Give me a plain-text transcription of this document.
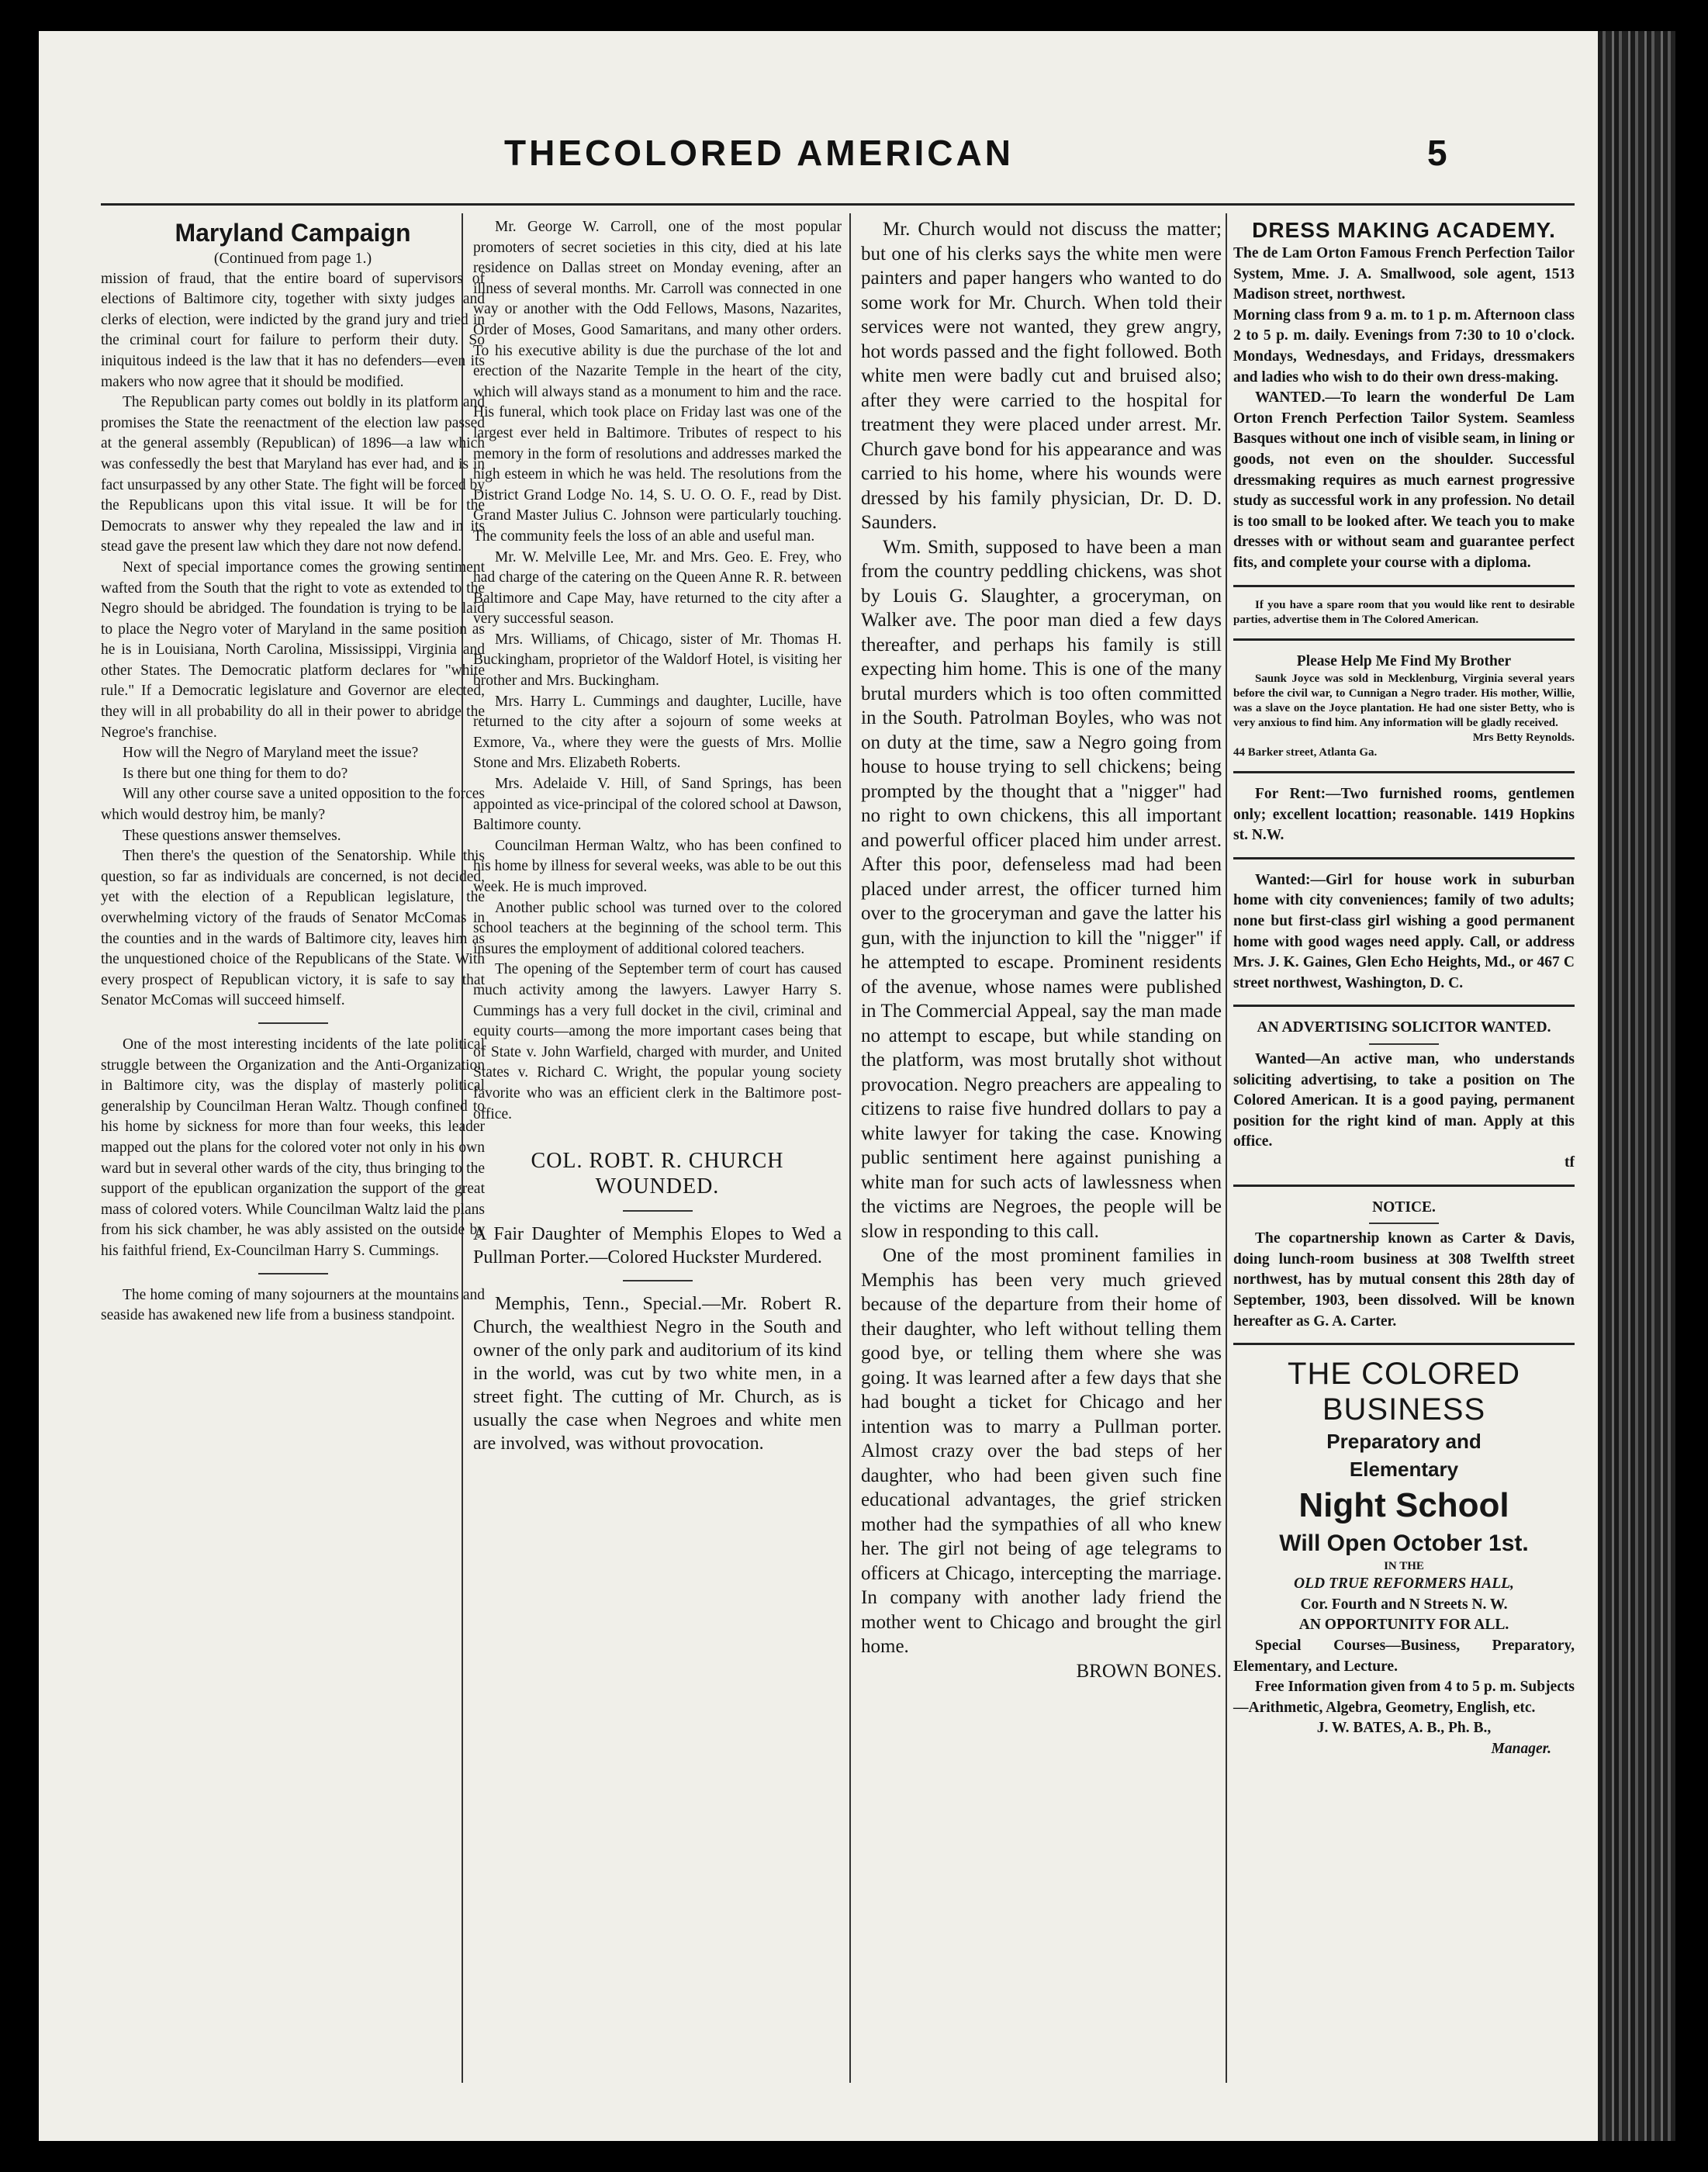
THECOLORED AMERICAN	5

Maryland Campaign

(Continued from page 1.)

mission of fraud, that the entire board of supervisors of elections of Baltimore city, together with sixty judges and clerks of election, were indicted by the grand jury and tried in the criminal court for failure to perform their duty. So iniquitous indeed is the law that it has no defenders—even its makers who now agree that it should be modified.

The Republican party comes out boldly in its platform and promises the State the reenactment of the election law passed at the general assembly (Republican) of 1896—a law which was confessedly the best that Maryland has ever had, and is in fact unsurpassed by any other State. The fight will be forced by the Republicans upon this vital issue. It will be for the Democrats to answer why they repealed the law and in its stead gave the present law which they dare not now defend.

Next of special importance comes the growing sentiment wafted from the South that the right to vote as extended to the Negro should be abridged. The foundation is trying to be laid to place the Negro voter of Maryland in the same position as he is in Louisiana, North Carolina, Mississippi, Virginia and other States. The Democratic platform declares for "white rule." If a Democratic legislature and Governor are elected, they will in all probability do all in their power to abridge the Negroe's franchise.

How will the Negro of Maryland meet the issue?

Is there but one thing for them to do?

Will any other course save a united opposition to the forces which would destroy him, be manly?

These questions answer themselves.

Then there's the question of the Senatorship. While this question, so far as individuals are concerned, is not decided, yet with the election of a Republican legislature, the overwhelming victory of the frauds of Senator McComas in the counties and in the wards of Baltimore city, leaves him as the unquestioned choice of the Republicans of the State. With every prospect of Republican victory, it is safe to say that Senator McComas will succeed himself.

One of the most interesting incidents of the late political struggle between the Organization and the Anti-Organization in Baltimore city, was the display of masterly political generalship by Councilman Heran Waltz. Though confined to his home by sickness for more than four weeks, this leader mapped out the plans for the colored voter not only in his own ward but in several other wards of the city, thus bringing to the support of the epublican organization the support of the great mass of colored voters. While Councilman Waltz laid the plans from his sick chamber, he was ably assisted on the outside by his faithful friend, Ex-Councilman Harry S. Cummings.

The home coming of many sojourners at the mountains and seaside has awakened new life from a business standpoint.

Mr. George W. Carroll, one of the most popular promoters of secret societies in this city, died at his late residence on Dallas street on Monday evening, after an illness of several months. Mr. Carroll was connected in one way or another with the Odd Fellows, Masons, Nazarites, Order of Moses, Good Samaritans, and many other orders. To his executive ability is due the purchase of the lot and erection of the Nazarite Temple in the heart of the city, which will always stand as a monument to him and the race. His funeral, which took place on Friday last was one of the largest ever held in Baltimore. Tributes of respect to his memory in the form of resolutions and addresses marked the high esteem in which he was held. The resolutions from the District Grand Lodge No. 14, S. U. O. O. F., read by Dist. Grand Master Julius C. Johnson were particularly touching. The community feels the loss of an able and useful man.

Mr. W. Melville Lee, Mr. and Mrs. Geo. E. Frey, who had charge of the catering on the Queen Anne R. R. between Baltimore and Cape May, have returned to the city after a very successful season.

Mrs. Williams, of Chicago, sister of Mr. Thomas H. Buckingham, proprietor of the Waldorf Hotel, is visiting her brother and Mrs. Buckingham.

Mrs. Harry L. Cummings and daughter, Lucille, have returned to the city after a sojourn of some weeks at Exmore, Va., where they were the guests of Mrs. Mollie Stone and Mrs. Elizabeth Roberts.

Mrs. Adelaide V. Hill, of Sand Springs, has been appointed as vice-principal of the colored school at Dawson, Baltimore county.

Councilman Herman Waltz, who has been confined to his home by illness for several weeks, was able to be out this week. He is much improved.

Another public school was turned over to the colored school teachers at the beginning of the school term. This insures the employment of additional colored teachers.

The opening of the September term of court has caused much activity among the lawyers. Lawyer Harry S. Cummings has a very full docket in the civil, criminal and equity courts—among the more important cases being that of State v. John Warfield, charged with murder, and United States v. Richard C. Wright, the popular young society favorite who was an efficient clerk in the Baltimore post-office.

COL. ROBT. R. CHURCH WOUNDED.

A Fair Daughter of Memphis Elopes to Wed a Pullman Porter.—Colored Huckster Murdered.

Memphis, Tenn., Special.—Mr. Robert R. Church, the wealthiest Negro in the South and owner of the only park and auditorium of its kind in the world, was cut by two white men, in a street fight. The cutting of Mr. Church, as is usually the case when Negroes and white men are involved, was without provocation.

Mr. Church would not discuss the matter; but one of his clerks says the white men were painters and paper hangers who wanted to do some work for Mr. Church. When told their services were not wanted, they grew angry, hot words passed and the fight followed. Both white men were badly cut and bruised also; after they were carried to the hospital for treatment they were placed under arrest. Mr. Church gave bond for his appearance and was carried to his home, where his wounds were dressed by his family physician, Dr. D. D. Saunders.

Wm. Smith, supposed to have been a man from the country peddling chickens, was shot by Louis G. Slaughter, a groceryman, on Walker ave. The poor man died a few days thereafter, and perhaps his family is still expecting him home. This is one of the many brutal murders which is too often committed in the South. Patrolman Boyles, who was not on duty at the time, saw a Negro going from house to house trying to sell chickens; being prompted by the thought that a "nigger" had no right to own chickens, this all important and powerful officer placed him under arrest. After this poor, defenseless mad had been placed under arrest, the officer turned him over to the groceryman and gave the latter his gun, with the injunction to kill the "nigger" if he attempted to escape. Prominent residents of the avenue, whose names were published in The Commercial Appeal, say the man made no attempt to escape, but while standing on the platform, was most brutally shot without provocation. Negro preachers are appealing to citizens to raise five hundred dollars to pay a white lawyer for taking the case. Knowing public sentiment here against punishing a white man for such acts of lawlessness when the victims are Negroes, the people will be slow in responding to this call.

One of the most prominent families in Memphis has been very much grieved because of the departure from their home of their daughter, who left without telling them good bye, or telling them where she was going. It was learned after a few days that she had bought a ticket for Chicago and her intention was to marry a Pullman porter. Almost crazy over the bad steps of her daughter, who had been given such fine educational advantages, the grief stricken mother had the sympathies of all who knew her. The girl not being of age telegrams to officers at Chicago, intercepting the marriage. In company with another lady friend the mother went to Chicago and brought the girl home.

BROWN BONES.

DRESS MAKING ACADEMY.

The de Lam Orton Famous French Perfection Tailor System, Mme. J. A. Smallwood, sole agent, 1513 Madison street, northwest.

Morning class from 9 a. m. to 1 p. m. Afternoon class 2 to 5 p. m. daily. Evenings from 7:30 to 10 o'clock. Mondays, Wednesdays, and Fridays, dressmakers and ladies who wish to do their own dress-making.

WANTED.—To learn the wonderful De Lam Orton French Perfection Tailor System. Seamless Basques without one inch of visible seam, in lining or goods, not even on the shoulder. Successful dressmaking requires as much earnest progressive study as successful work in any profession. No detail is too small to be looked after. We teach you to make dresses with or without seam and guarantee perfect fits, and complete your course with a diploma.

If you have a spare room that you would like rent to desirable parties, advertise them in The Colored American.

Please Help Me Find My Brother

Saunk Joyce was sold in Mecklenburg, Virginia several years before the civil war, to Cunnigan a Negro trader. His mother, Willie, was a slave on the Joyce plantation. He had one sister Betty, who is very anxious to find him. Any information will be gladly received.

Mrs Betty Reynolds.

44 Barker street, Atlanta Ga.

For Rent:—Two furnished rooms, gentlemen only; excellent locattion; reasonable. 1419 Hopkins st. N.W.

Wanted:—Girl for house work in suburban home with city conveniences; family of two adults; none but first-class girl wishing a good permanent home with good wages need apply. Call, or address Mrs. J. K. Gaines, Glen Echo Heights, Md., or 467 C street northwest, Washington, D. C.

AN ADVERTISING SOLICITOR WANTED.

Wanted—An active man, who understands soliciting advertising, to take a position on The Colored American. It is a good paying, permanent position for the right kind of man. Apply at this office.

tf

NOTICE.

The copartnership known as Carter & Davis, doing lunch-room business at 308 Twelfth street northwest, has by mutual consent this 28th day of September, 1903, been dissolved. Will be known hereafter as G. A. Carter.

THE COLORED BUSINESS

Preparatory and

Elementary

Night School

Will Open October 1st.

IN THE

OLD TRUE REFORMERS HALL,

Cor. Fourth and N Streets N. W.

AN OPPORTUNITY FOR ALL.

Special Courses—Business, Preparatory, Elementary, and Lecture.

Free Information given from 4 to 5 p. m. Subjects—Arithmetic, Algebra, Geometry, English, etc.

J. W. BATES, A. B., Ph. B.,

Manager.
